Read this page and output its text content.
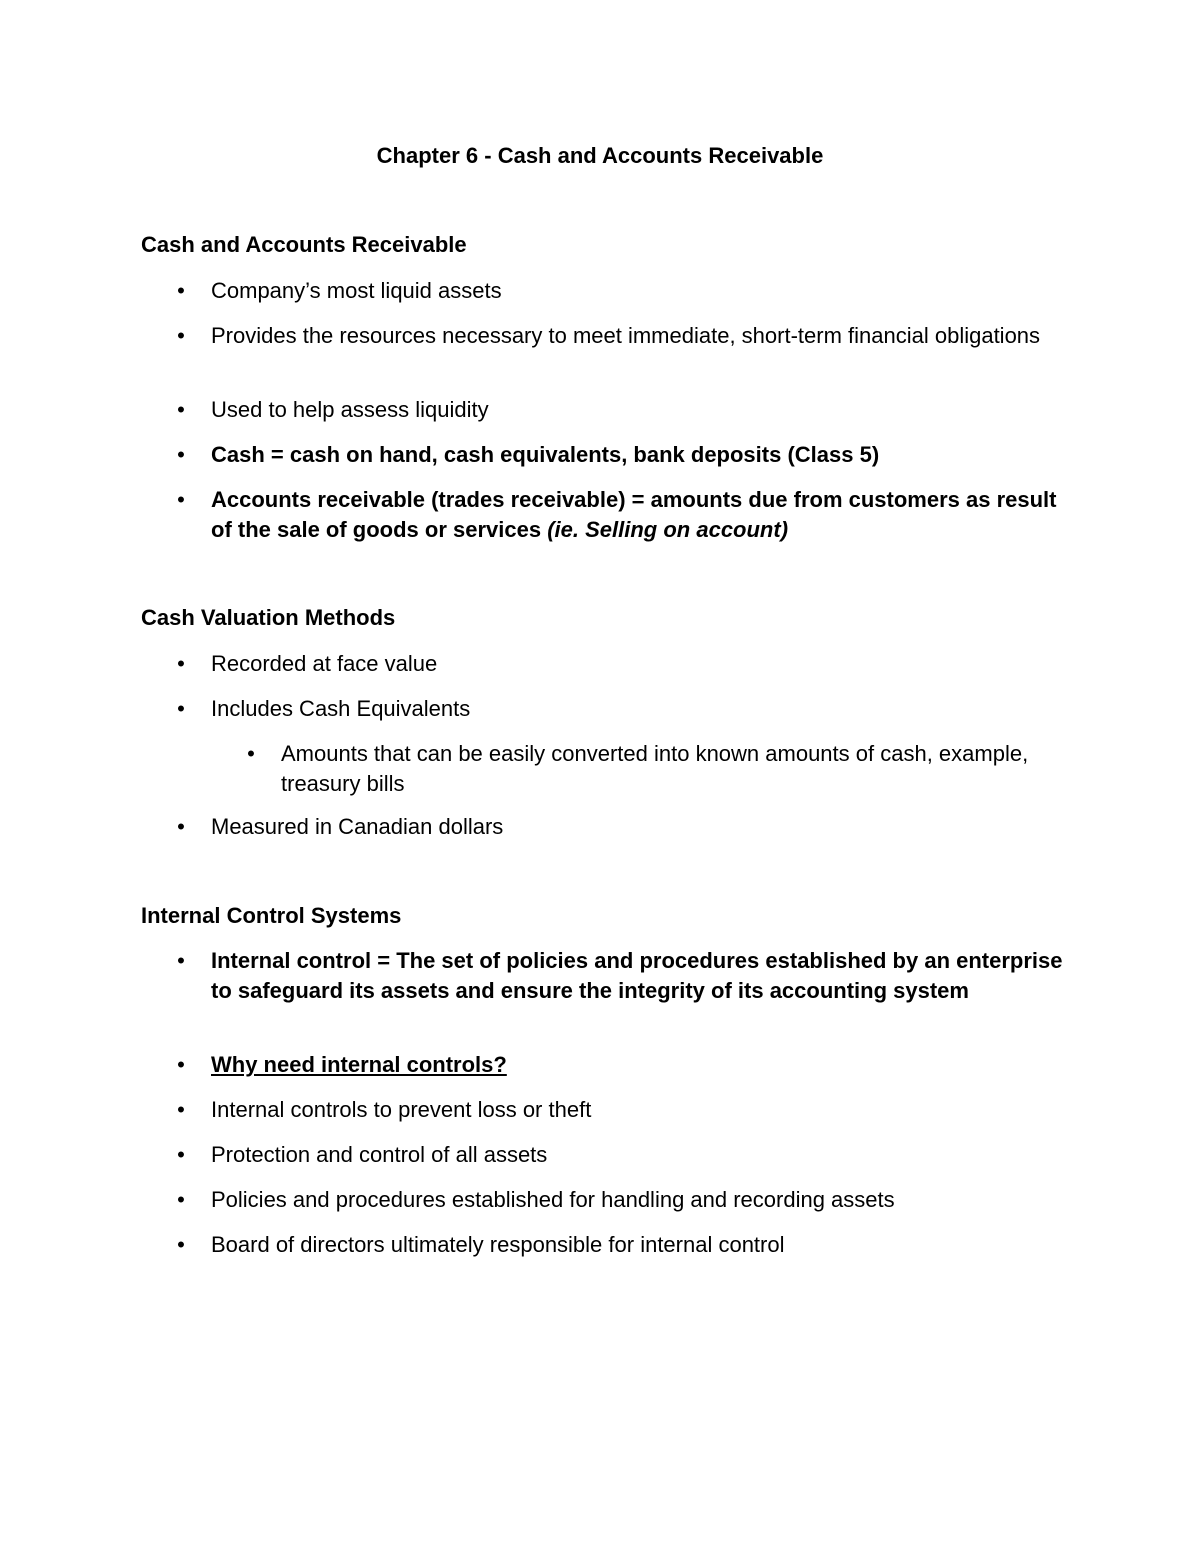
Chapter 6 - Cash and Accounts Receivable
Cash and Accounts Receivable
• Company’s most liquid assets
• Provides the resources necessary to meet immediate, short-term financial obligations
• Used to help assess liquidity
• Cash = cash on hand, cash equivalents, bank deposits (Class 5)
• Accounts receivable (trades receivable) = amounts due from customers as result of the sale of goods or services (ie. Selling on account)
Cash Valuation Methods
• Recorded at face value
• Includes Cash Equivalents
• Amounts that can be easily converted into known amounts of cash, example, treasury bills
• Measured in Canadian dollars
Internal Control Systems
• Internal control = The set of policies and procedures established by an enterprise to safeguard its assets and ensure the integrity of its accounting system
• Why need internal controls?
• Internal controls to prevent loss or theft
• Protection and control of all assets
• Policies and procedures established for handling and recording assets
• Board of directors ultimately responsible for internal control
